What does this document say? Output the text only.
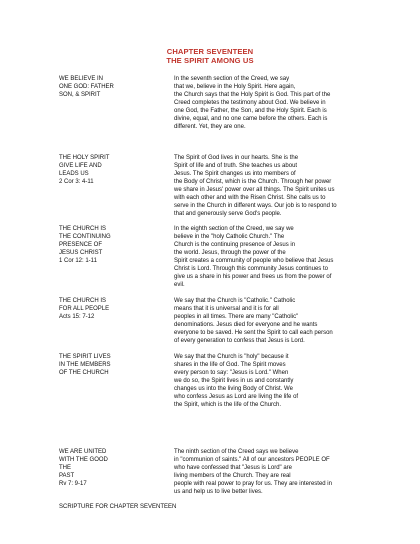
CHAPTER SEVENTEEN
THE SPIRIT AMONG US
WE BELIEVE IN
ONE GOD: FATHER
SON, & SPIRIT
In the seventh section of the Creed, we say
that we, believe in the Holy Spirit. Here again,
the Church says that the Holy Spirit is God. This part of the
Creed completes the testimony about God. We believe in
one God, the Father, the Son, and the Holy Spirit. Each is
divine, equal, and no one came before the others. Each is
different. Yet, they are one.
THE HOLY SPIRIT
GIVE LIFE AND
LEADS US
2 Cor 3: 4-11
The Spirit of God lives in our hearts. She is the
Spirit of life and of truth. She teaches us about
Jesus. The Spirit changes us into members of
the Body of Christ, which is the Church. Through her power
we share in Jesus' power over all things. The Spirit unites us
with each other and with the Risen Christ. She calls us to
serve in the Church in different ways. Our job is to respond to
that and generously serve God's people.
THE CHURCH IS
THE CONTINUING
PRESENCE OF
JESUS CHRIST
1 Cor 12: 1-11
In the eighth section of the Creed, we say we
believe in the "holy Catholic Church." The
Church is the continuing presence of Jesus in
the world. Jesus, through the power of the
Spirit creates a community of people who believe that Jesus
Christ is Lord. Through this community Jesus continues to
give us a share in his power and frees us from the power of
evil.
THE CHURCH IS
FOR ALL PEOPLE
Acts 15: 7-12
We say that the Church is "Catholic." Catholic
means that it is universal and it is for all
peoples in all times. There are many "Catholic"
denominations. Jesus died for everyone and he wants
everyone to be saved. He sent the Spirit to call each person
of every generation to confess that Jesus is Lord.
THE SPIRIT LIVES
IN THE MEMBERS
OF THE CHURCH
We say that the Church is "holy" because it
shares in the life of God. The Spirit moves
every person to say: "Jesus is Lord." When
we do so, the Spirit lives in us and constantly
changes us into the living Body of Christ. We
who confess Jesus as Lord are living the life of
the Spirit, which is the life of the Church.
WE ARE UNITED
WITH THE GOOD
THE
PAST
Rv 7: 9-17
The ninth section of the Creed says we believe
in "communion of saints." All of our ancestors PEOPLE OF
who have confessed that "Jesus is Lord" are
living members of the Church. They are real
people with real power to pray for us. They are interested in
us and help us to live better lives.
SCRIPTURE FOR CHAPTER SEVENTEEN
